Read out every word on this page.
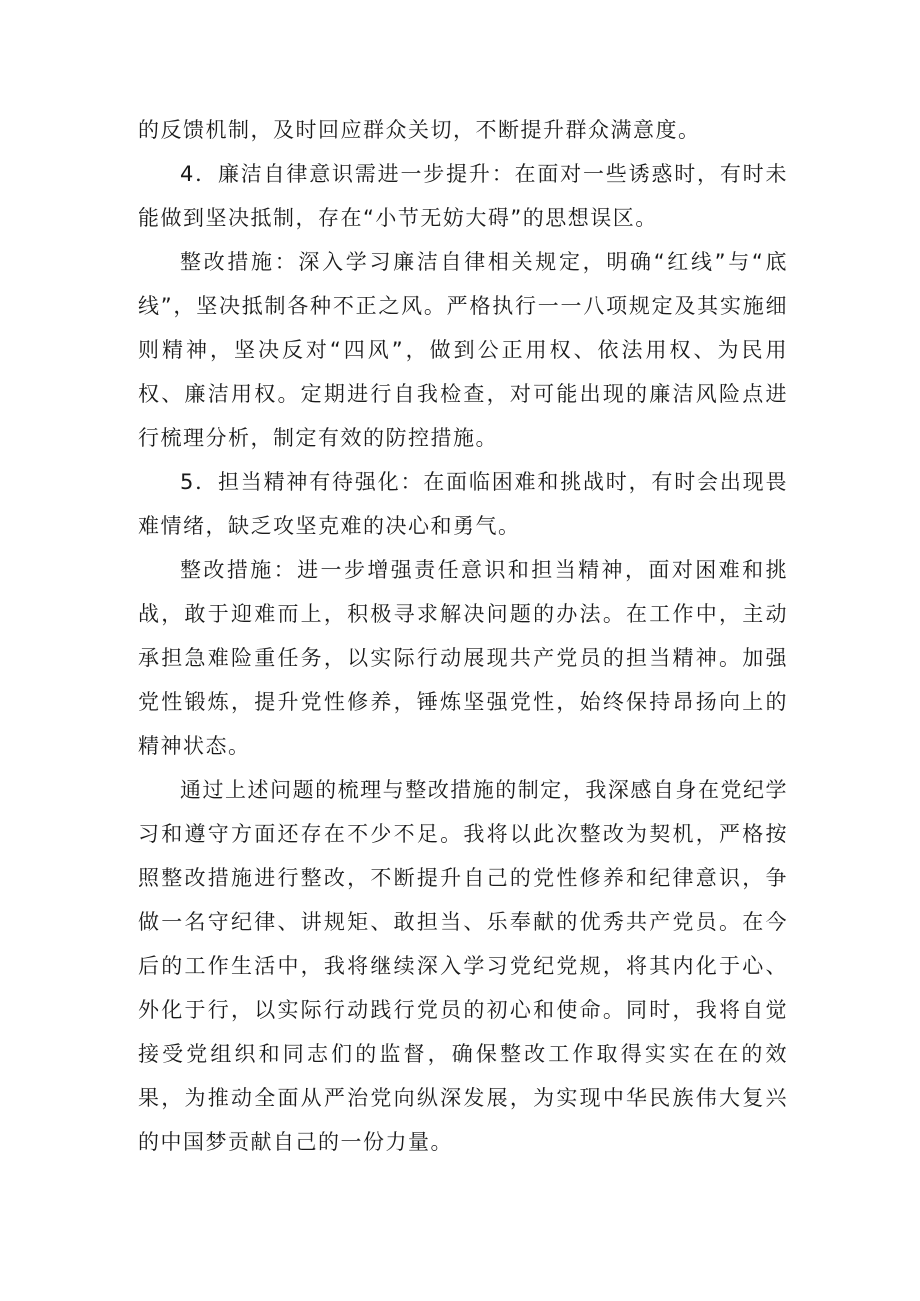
的反馈机制，及时回应群众关切，不断提升群众满意度。

4．廉洁自律意识需进一步提升：在面对一些诱惑时，有时未能做到坚决抵制，存在“小节无妨大碍”的思想误区。

整改措施：深入学习廉洁自律相关规定，明确“红线”与“底线”，坚决抵制各种不正之风。严格执行一一八项规定及其实施细则精神，坚决反对“四风”，做到公正用权、依法用权、为民用权、廉洁用权。定期进行自我检查，对可能出现的廉洁风险点进行梳理分析，制定有效的防控措施。

5．担当精神有待强化：在面临困难和挑战时，有时会出现畏难情绪，缺乏攻坚克难的决心和勇气。

整改措施：进一步增强责任意识和担当精神，面对困难和挑战，敢于迎难而上，积极寻求解决问题的办法。在工作中，主动承担急难险重任务，以实际行动展现共产党员的担当精神。加强党性锻炼，提升党性修养，锤炼坚强党性，始终保持昂扬向上的精神状态。

通过上述问题的梳理与整改措施的制定，我深感自身在党纪学习和遵守方面还存在不少不足。我将以此次整改为契机，严格按照整改措施进行整改，不断提升自己的党性修养和纪律意识，争做一名守纪律、讲规矩、敢担当、乐奉献的优秀共产党员。在今后的工作生活中，我将继续深入学习党纪党规，将其内化于心、外化于行，以实际行动践行党员的初心和使命。同时，我将自觉接受党组织和同志们的监督，确保整改工作取得实实在在的效果，为推动全面从严治党向纵深发展，为实现中华民族伟大复兴的中国梦贡献自己的一份力量。
